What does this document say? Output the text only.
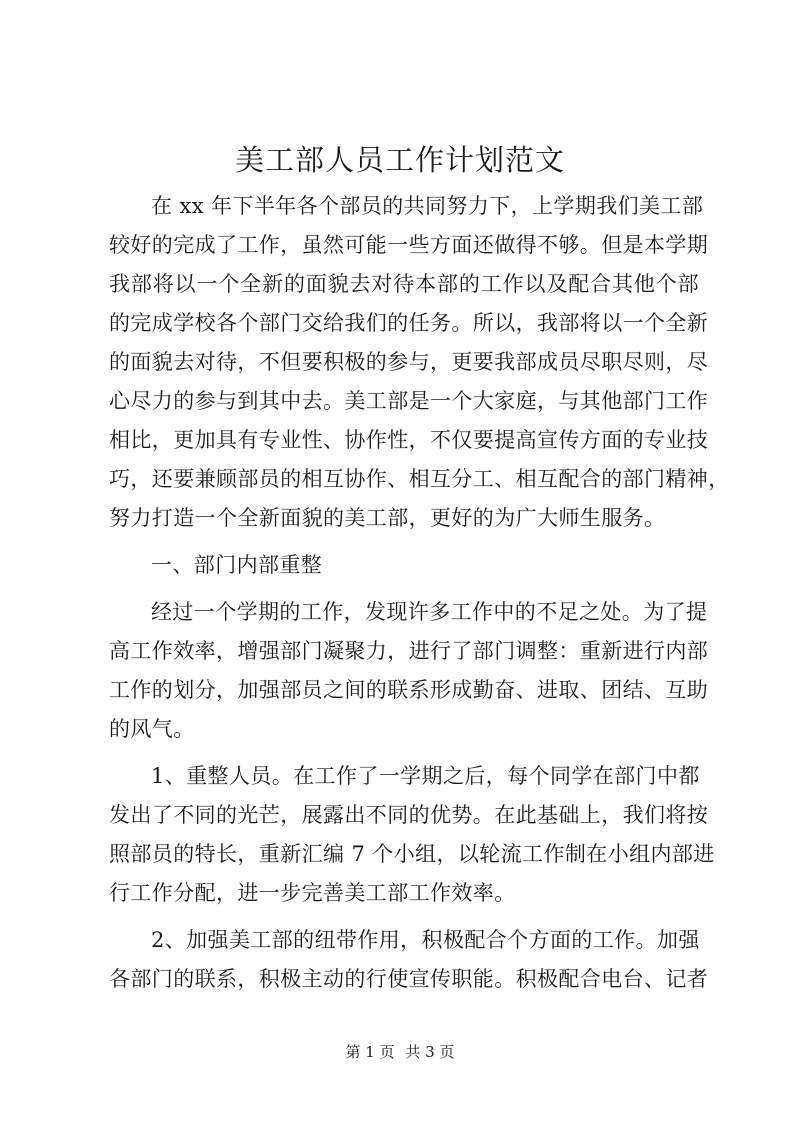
美工部人员工作计划范文
在 xx 年下半年各个部员的共同努力下，上学期我们美工部
较好的完成了工作，虽然可能一些方面还做得不够。但是本学期
我部将以一个全新的面貌去对待本部的工作以及配合其他个部
的完成学校各个部门交给我们的任务。所以，我部将以一个全新
的面貌去对待，不但要积极的参与，更要我部成员尽职尽则，尽
心尽力的参与到其中去。美工部是一个大家庭，与其他部门工作
相比，更加具有专业性、协作性，不仅要提高宣传方面的专业技
巧，还要兼顾部员的相互协作、相互分工、相互配合的部门精神，
努力打造一个全新面貌的美工部，更好的为广大师生服务。
一、部门内部重整
经过一个学期的工作，发现许多工作中的不足之处。为了提
高工作效率，增强部门凝聚力，进行了部门调整：重新进行内部
工作的划分，加强部员之间的联系形成勤奋、进取、团结、互助
的风气。
1、重整人员。在工作了一学期之后，每个同学在部门中都
发出了不同的光芒，展露出不同的优势。在此基础上，我们将按
照部员的特长，重新汇编 7 个小组，以轮流工作制在小组内部进
行工作分配，进一步完善美工部工作效率。
2、加强美工部的纽带作用，积极配合个方面的工作。加强
各部门的联系，积极主动的行使宣传职能。积极配合电台、记者
第 1 页 共 3 页
